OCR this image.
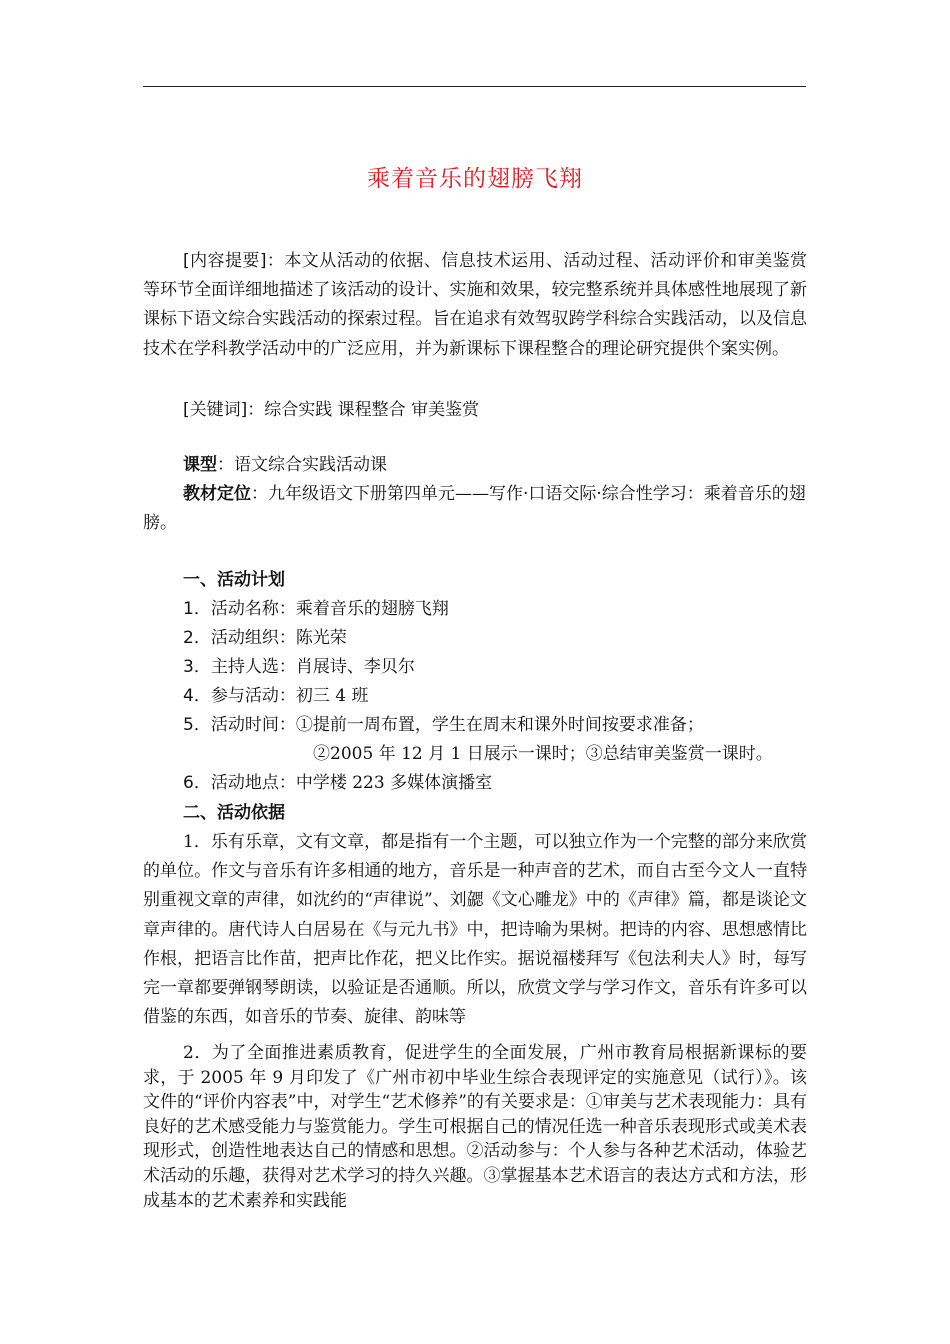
乘着音乐的翅膀飞翔
[内容提要]：本文从活动的依据、信息技术运用、活动过程、活动评价和审美鉴赏等环节全面详细地描述了该活动的设计、实施和效果，较完整系统并具体感性地展现了新课标下语文综合实践活动的探索过程。旨在追求有效驾驭跨学科综合实践活动，以及信息技术在学科教学活动中的广泛应用，并为新课标下课程整合的理论研究提供个案实例。
[关键词]：综合实践 课程整合 审美鉴赏
课型：语文综合实践活动课
教材定位：九年级语文下册第四单元——写作·口语交际·综合性学习：乘着音乐的翅膀。
一、活动计划
1．活动名称：乘着音乐的翅膀飞翔
2．活动组织：陈光荣
3．主持人选：肖展诗、李贝尔
4．参与活动：初三 4 班
5．活动时间：①提前一周布置，学生在周末和课外时间按要求准备；
②2005 年 12 月 1 日展示一课时；③总结审美鉴赏一课时。
6．活动地点：中学楼 223 多媒体演播室
二、活动依据
1．乐有乐章，文有文章，都是指有一个主题，可以独立作为一个完整的部分来欣赏的单位。作文与音乐有许多相通的地方，音乐是一种声音的艺术，而自古至今文人一直特别重视文章的声律，如沈约的“声律说”、刘勰《文心雕龙》中的《声律》篇，都是谈论文章声律的。唐代诗人白居易在《与元九书》中，把诗喻为果树。把诗的内容、思想感情比作根，把语言比作苗，把声比作花，把义比作实。据说福楼拜写《包法利夫人》时，每写完一章都要弹钢琴朗读，以验证是否通顺。所以，欣赏文学与学习作文，音乐有许多可以借鉴的东西，如音乐的节奏、旋律、韵味等
2．为了全面推进素质教育，促进学生的全面发展，广州市教育局根据新课标的要求，于 2005 年 9 月印发了《广州市初中毕业生综合表现评定的实施意见（试行）》。该文件的“评价内容表”中，对学生“艺术修养”的有关要求是：①审美与艺术表现能力：具有良好的艺术感受能力与鉴赏能力。学生可根据自己的情况任选一种音乐表现形式或美术表现形式，创造性地表达自己的情感和思想。②活动参与：个人参与各种艺术活动，体验艺术活动的乐趣，获得对艺术学习的持久兴趣。③掌握基本艺术语言的表达方式和方法，形成基本的艺术素养和实践能
